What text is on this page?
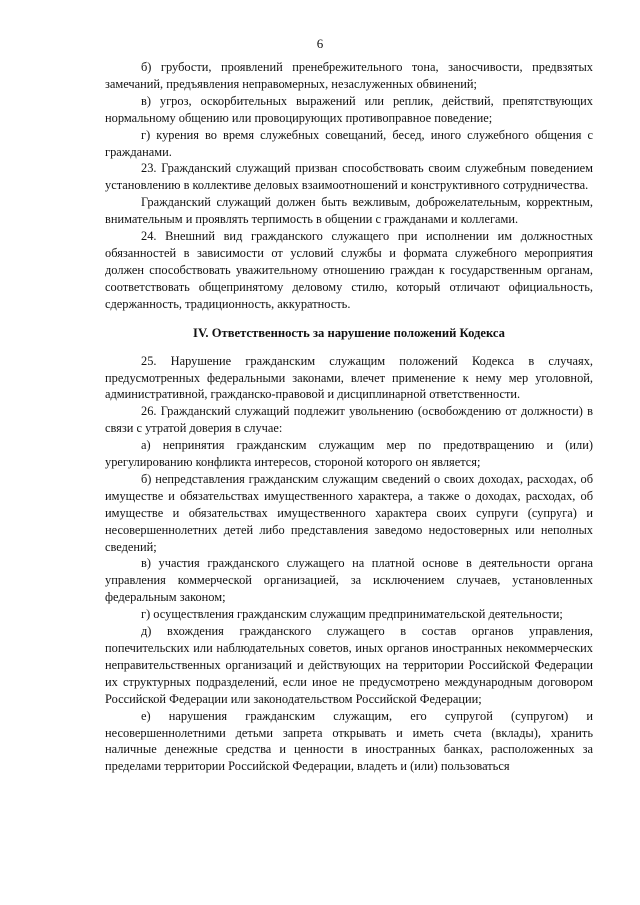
6

б) грубости, проявлений пренебрежительного тона, заносчивости, предвзятых замечаний, предъявления неправомерных, незаслуженных обвинений;

в) угроз, оскорбительных выражений или реплик, действий, препятствующих нормальному общению или провоцирующих противоправное поведение;

г) курения во время служебных совещаний, бесед, иного служебного общения с гражданами.

23. Гражданский служащий призван способствовать своим служебным поведением установлению в коллективе деловых взаимоотношений и конструктивного сотрудничества.

Гражданский служащий должен быть вежливым, доброжелательным, корректным, внимательным и проявлять терпимость в общении с гражданами и коллегами.

24. Внешний вид гражданского служащего при исполнении им должностных обязанностей в зависимости от условий службы и формата служебного мероприятия должен способствовать уважительному отношению граждан к государственным органам, соответствовать общепринятому деловому стилю, который отличают официальность, сдержанность, традиционность, аккуратность.

IV. Ответственность за нарушение положений Кодекса

25. Нарушение гражданским служащим положений Кодекса в случаях, предусмотренных федеральными законами, влечет применение к нему мер уголовной, административной, гражданско-правовой и дисциплинарной ответственности.

26. Гражданский служащий подлежит увольнению (освобождению от должности) в связи с утратой доверия в случае:

а) непринятия гражданским служащим мер по предотвращению и (или) урегулированию конфликта интересов, стороной которого он является;

б) непредставления гражданским служащим сведений о своих доходах, расходах, об имуществе и обязательствах имущественного характера, а также о доходах, расходах, об имуществе и обязательствах имущественного характера своих супруги (супруга) и несовершеннолетних детей либо представления заведомо недостоверных или неполных сведений;

в) участия гражданского служащего на платной основе в деятельности органа управления коммерческой организацией, за исключением случаев, установленных федеральным законом;

г) осуществления гражданским служащим предпринимательской деятельности;

д) вхождения гражданского служащего в состав органов управления, попечительских или наблюдательных советов, иных органов иностранных некоммерческих неправительственных организаций и действующих на территории Российской Федерации их структурных подразделений, если иное не предусмотрено международным договором Российской Федерации или законодательством Российской Федерации;

е) нарушения гражданским служащим, его супругой (супругом) и несовершеннолетними детьми запрета открывать и иметь счета (вклады), хранить наличные денежные средства и ценности в иностранных банках, расположенных за пределами территории Российской Федерации, владеть и (или) пользоваться
